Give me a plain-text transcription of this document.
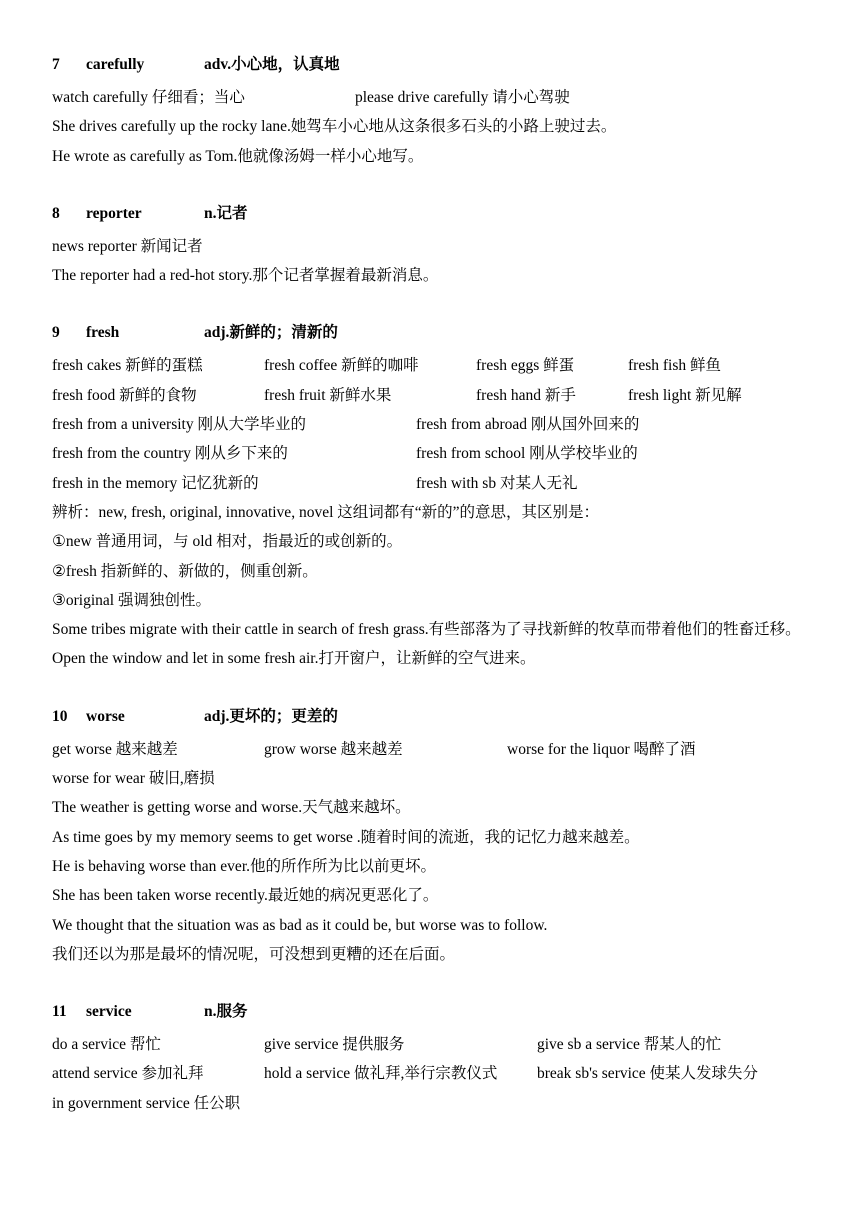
7	carefully	adv.小心地，认真地
watch carefully 仔细看；当心	please drive carefully 请小心驾驶
She drives carefully up the rocky lane.她驾车小心地从这条很多石头的小路上驶过去。
He wrote as carefully as Tom.他就像汤姆一样小心地写。
8	reporter	n.记者
news reporter 新闻记者
The reporter had a red-hot story.那个记者掌握着最新消息。
9	fresh	adj.新鲜的；清新的
fresh cakes 新鲜的蛋糕	fresh coffee 新鲜的咖啡	fresh eggs 鲜蛋	fresh fish 鲜鱼
fresh food 新鲜的食物	fresh fruit 新鲜水果	fresh hand 新手	fresh light 新见解
fresh from a university 刚从大学毕业的	fresh from abroad 刚从国外回来的
fresh from the country 刚从乡下来的	fresh from school 刚从学校毕业的
fresh in the memory 记忆犹新的	fresh with sb 对某人无礼
辨析：new, fresh, original, innovative, novel 这组词都有“新的”的意思，其区别是：
①new 普通用词，与 old 相对，指最近的或创新的。
②fresh 指新鲜的、新做的，侧重创新。
③original 强调独创性。
Some tribes migrate with their cattle in search of fresh grass.有些部落为了寻找新鲜的牧草而带着他们的牲畜迁移。
Open the window and let in some fresh air.打开窗户，让新鲜的空气进来。
10	worse	adj.更坏的；更差的
get worse 越来越差	grow worse 越来越差	worse for the liquor 喝醉了酒
worse for wear 破旧,磨损
The weather is getting worse and worse.天气越来越坏。
As time goes by my memory seems to get worse .随着时间的流逝，我的记忆力越来越差。
He is behaving worse than ever.他的所作所为比以前更坏。
She has been taken worse recently.最近她的病况更恶化了。
We thought that the situation was as bad as it could be, but worse was to follow.
我们还以为那是最坏的情况呢，可没想到更糟的还在后面。
11	service	n.服务
do a service 帮忙	give service 提供服务	give sb a service 帮某人的忙
attend service 参加礼拜	hold a service 做礼拜,举行宗教仪式	break sb's service 使某人发球失分
in government service 任公职
